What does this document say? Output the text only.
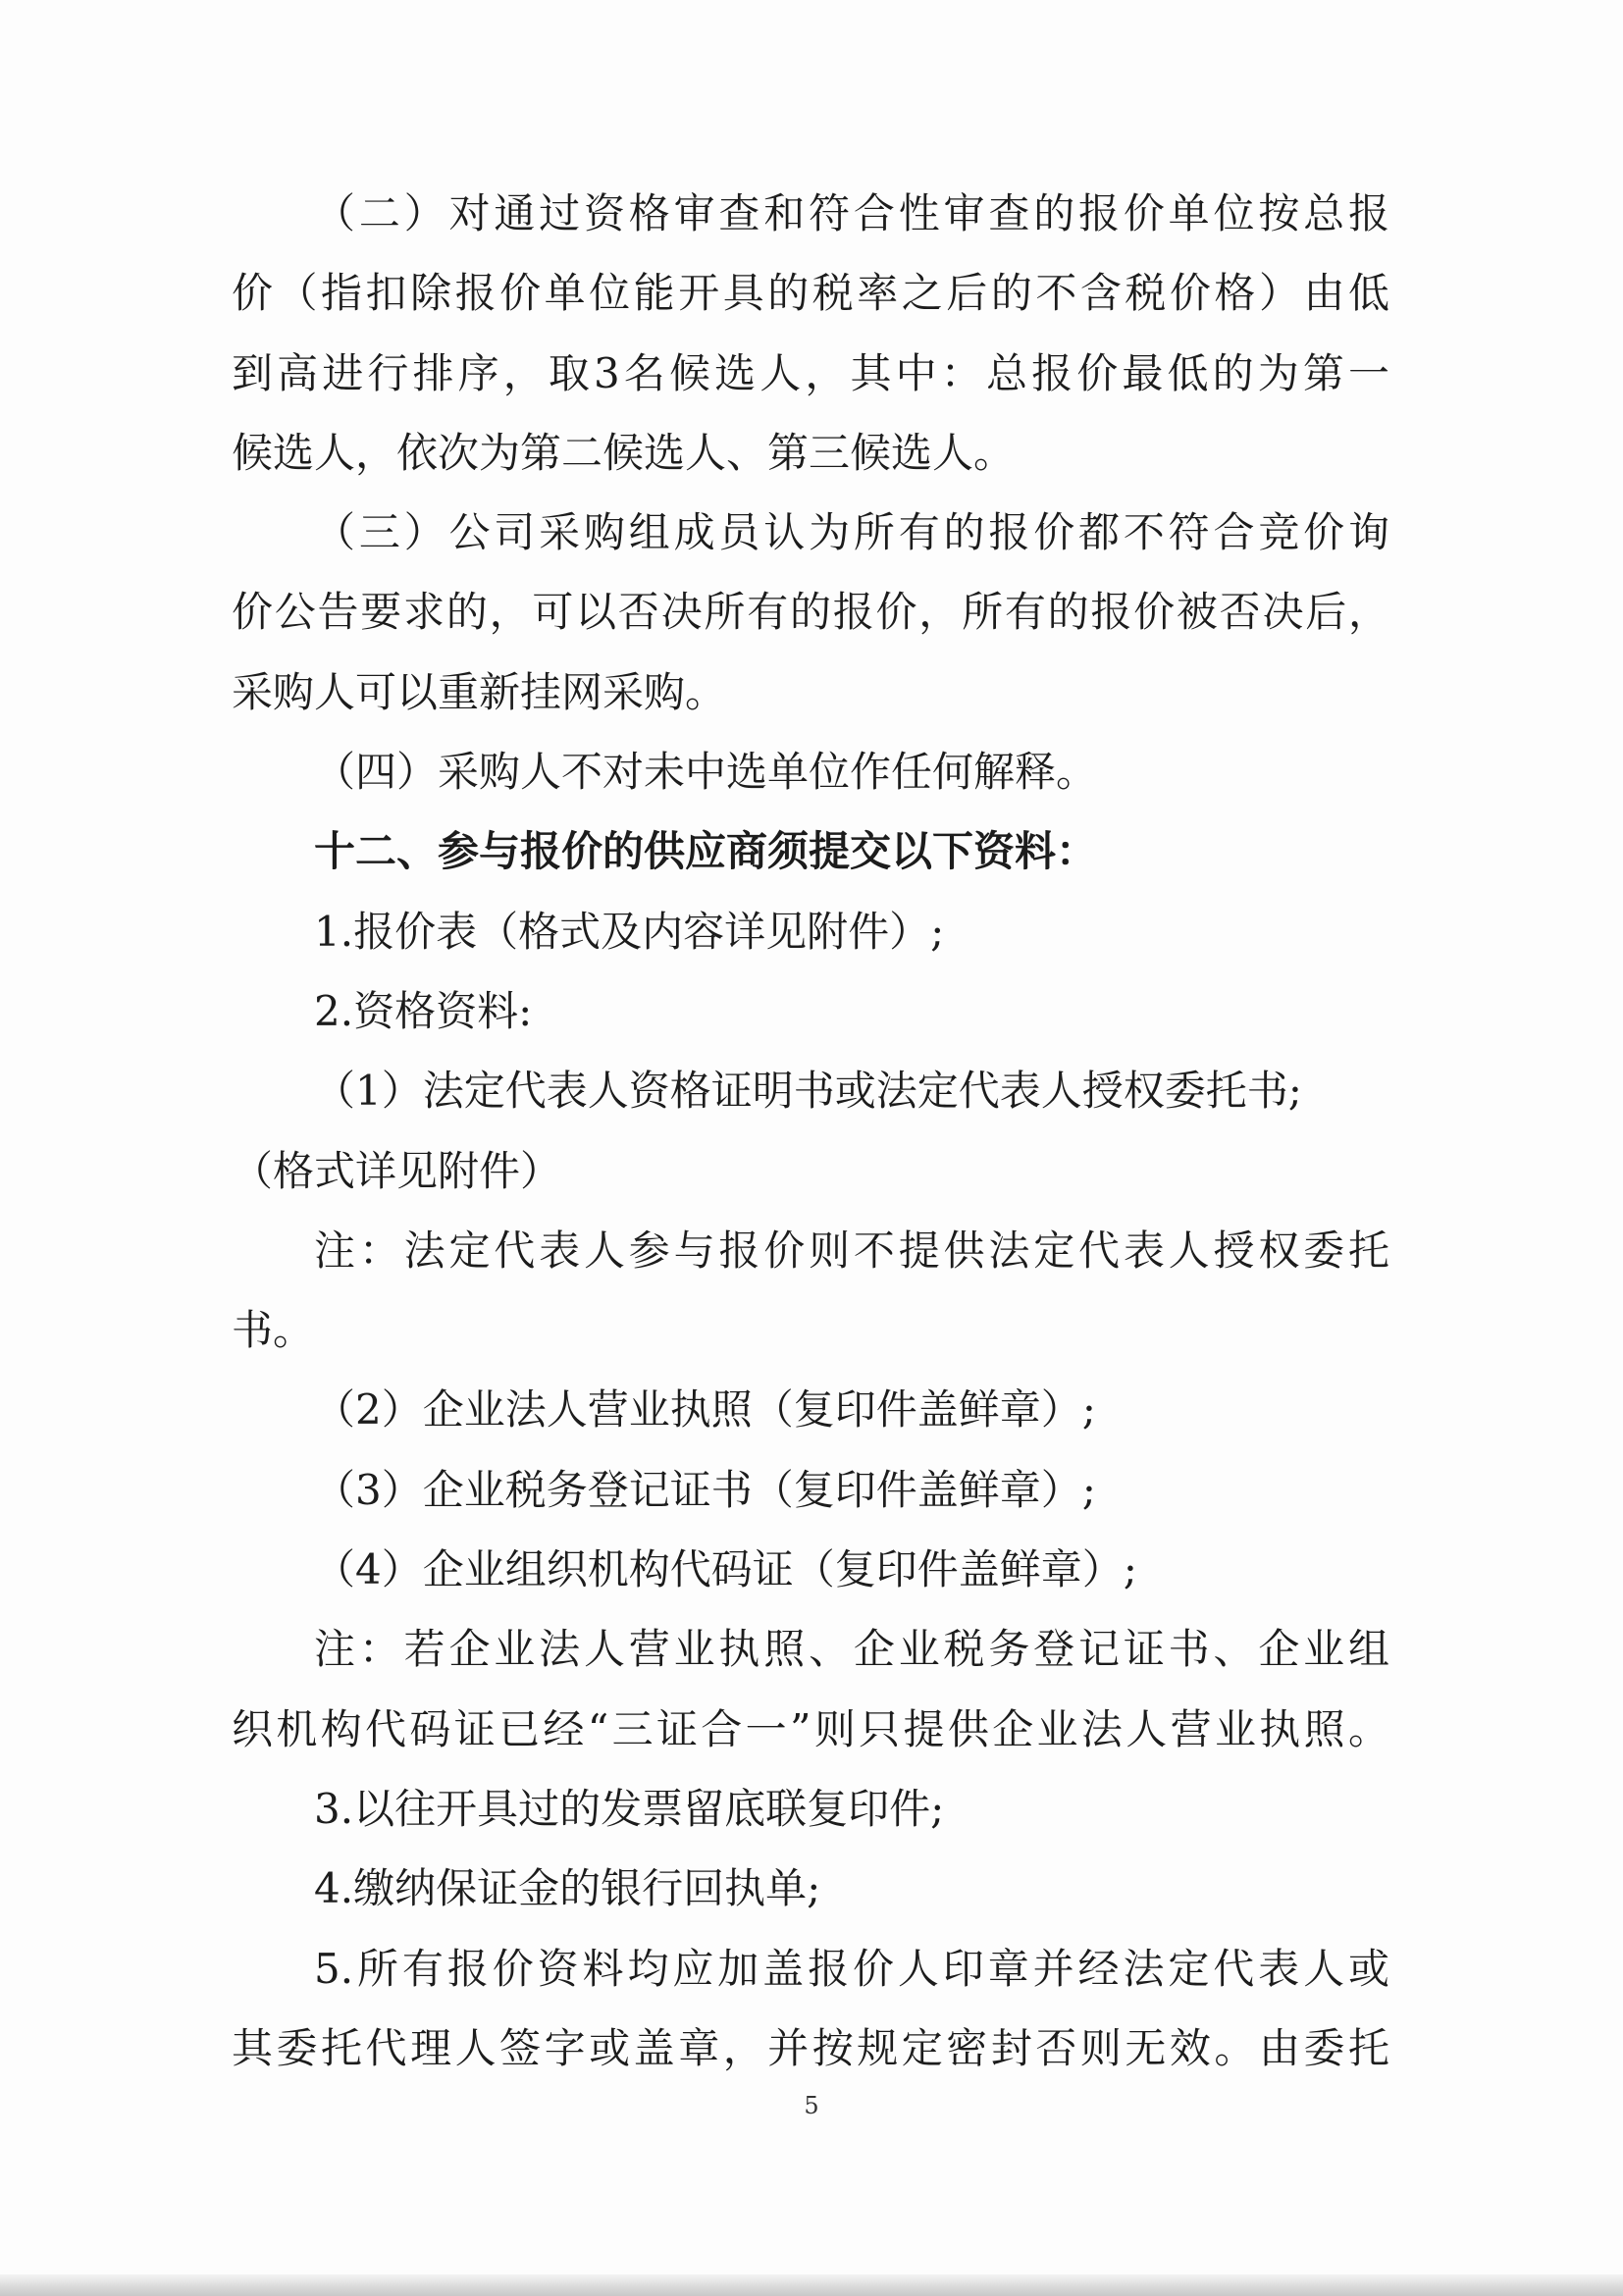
（二）对通过资格审查和符合性审查的报价单位按总报
价（指扣除报价单位能开具的税率之后的不含税价格）由低
到高进行排序，取3名候选人，其中：总报价最低的为第一
候选人，依次为第二候选人、第三候选人。
（三）公司采购组成员认为所有的报价都不符合竞价询
价公告要求的，可以否决所有的报价，所有的报价被否决后，
采购人可以重新挂网采购。
（四）采购人不对未中选单位作任何解释。
十二、参与报价的供应商须提交以下资料：
1.报价表（格式及内容详见附件）;
2.资格资料:
（1）法定代表人资格证明书或法定代表人授权委托书;
（格式详见附件）
注：法定代表人参与报价则不提供法定代表人授权委托
书。
（2）企业法人营业执照（复印件盖鲜章）;
（3）企业税务登记证书（复印件盖鲜章）;
（4）企业组织机构代码证（复印件盖鲜章）;
注：若企业法人营业执照、企业税务登记证书、企业组
织机构代码证已经“三证合一”则只提供企业法人营业执照。
3.以往开具过的发票留底联复印件;
4.缴纳保证金的银行回执单;
5.所有报价资料均应加盖报价人印章并经法定代表人或
其委托代理人签字或盖章，并按规定密封否则无效。由委托
5
